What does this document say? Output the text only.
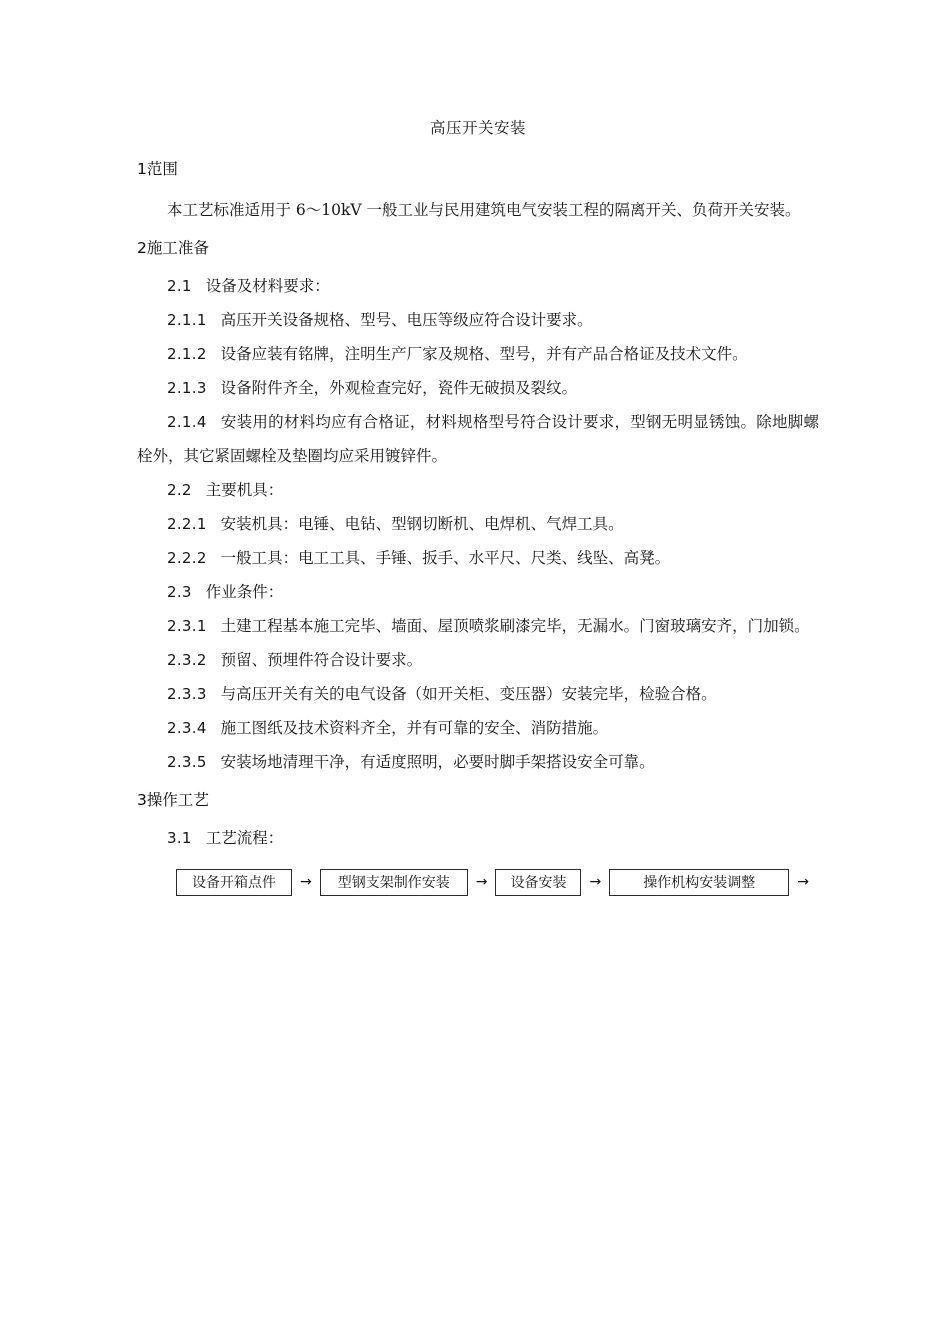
高压开关安装
1范围

本工艺标准适用于 6～10kV 一般工业与民用建筑电气安装工程的隔离开关、负荷开关安装。

2施工准备

2.1 设备及材料要求：

2.1.1 高压开关设备规格、型号、电压等级应符合设计要求。

2.1.2 设备应装有铭牌，注明生产厂家及规格、型号，并有产品合格证及技术文件。

2.1.3 设备附件齐全，外观检查完好，瓷件无破损及裂纹。

2.1.4 安装用的材料均应有合格证，材料规格型号符合设计要求，型钢无明显锈蚀。除地脚螺栓外，其它紧固螺栓及垫圈均应采用镀锌件。

2.2 主要机具：

2.2.1 安装机具：电锤、电钻、型钢切断机、电焊机、气焊工具。

2.2.2 一般工具：电工工具、手锤、扳手、水平尺、尺类、线坠、高凳。

2.3 作业条件：

2.3.1 土建工程基本施工完毕、墙面、屋顶喷浆刷漆完毕，无漏水。门窗玻璃安齐，门加锁。

2.3.2 预留、预埋件符合设计要求。

2.3.3 与高压开关有关的电气设备（如开关柜、变压器）安装完毕，检验合格。

2.3.4 施工图纸及技术资料齐全，并有可靠的安全、消防措施。

2.3.5 安装场地清理干净，有适度照明，必要时脚手架搭设安全可靠。

3操作工艺

3.1 工艺流程：

设备开箱点件	→	型钢支架制作安装	→	设备安装	→	操作机构安装调整	→
